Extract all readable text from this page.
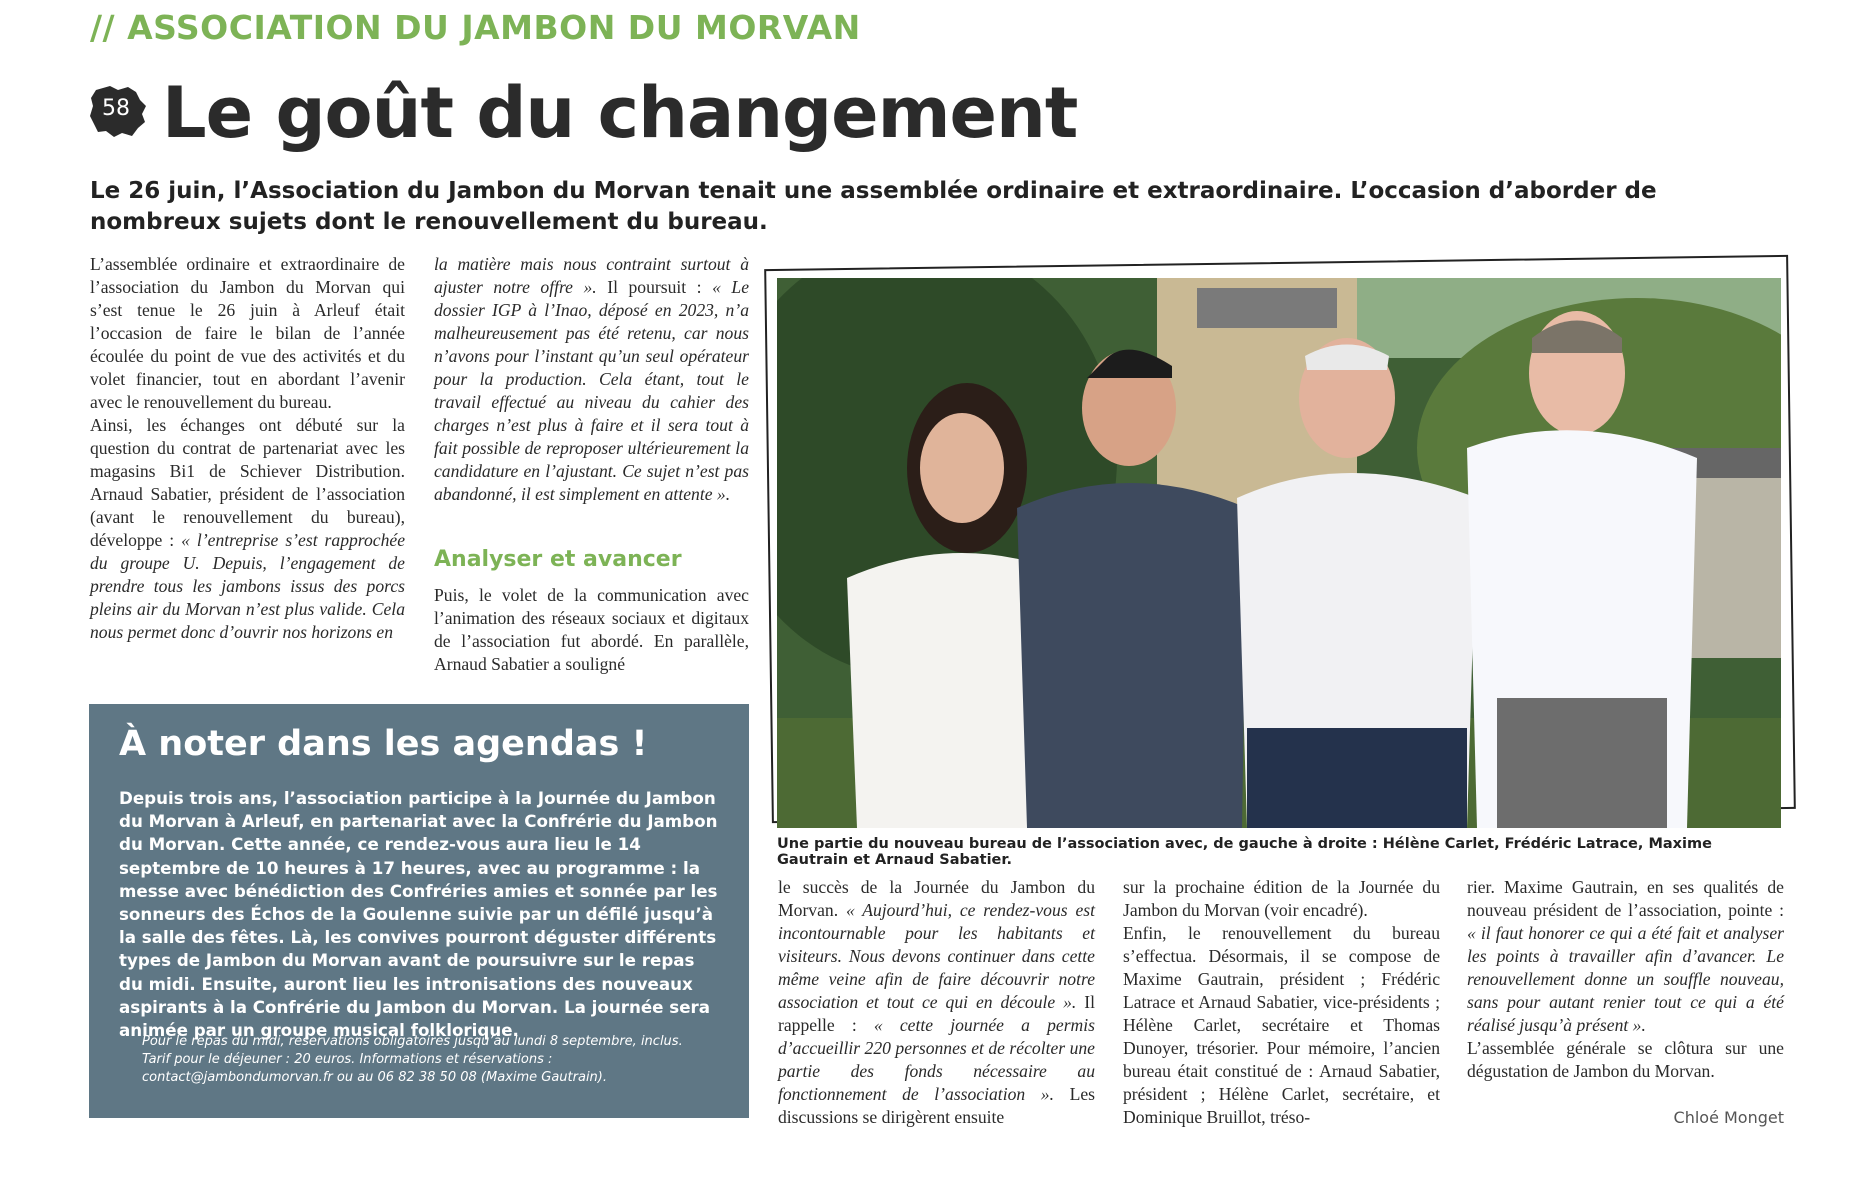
// ASSOCIATION DU JAMBON DU MORVAN
58 Le goût du changement
Le 26 juin, l’Association du Jambon du Morvan tenait une assemblée ordinaire et extraordinaire. L’occasion d’aborder de nombreux sujets dont le renouvellement du bureau.

L’assemblée ordinaire et extraordinaire de l’association du Jambon du Morvan qui s’est tenue le 26 juin à Arleuf était l’occasion de faire le bilan de l’année écoulée du point de vue des activités et du volet financier, tout en abordant l’avenir avec le renouvellement du bureau.

Ainsi, les échanges ont débuté sur la question du contrat de partenariat avec les magasins Bi1 de Schiever Distribution. Arnaud Sabatier, président de l’association (avant le renouvellement du bureau), développe : « l’entreprise s’est rapprochée du groupe U. Depuis, l’engagement de prendre tous les jambons issus des porcs pleins air du Morvan n’est plus valide. Cela nous permet donc d’ouvrir nos horizons en

la matière mais nous contraint surtout à ajuster notre offre ». Il poursuit : « Le dossier IGP à l’Inao, déposé en 2023, n’a malheureusement pas été retenu, car nous n’avons pour l’instant qu’un seul opérateur pour la production. Cela étant, tout le travail effectué au niveau du cahier des charges n’est plus à faire et il sera tout à fait possible de reproposer ultérieurement la candidature en l’ajustant. Ce sujet n’est pas abandonné, il est simplement en attente ».

Puis, le volet de la communication avec l’animation des réseaux sociaux et digitaux de l’association fut abordé. En parallèle, Arnaud Sabatier a souligné

Analyser et avancer
À noter dans les agendas !
Depuis trois ans, l’association participe à la Journée du Jambon du Morvan à Arleuf, en partenariat avec la Confrérie du Jambon du Morvan. Cette année, ce rendez-vous aura lieu le 14 septembre de 10 heures à 17 heures, avec au programme : la messe avec bénédiction des Confréries amies et sonnée par les sonneurs des Échos de la Goulenne suivie par un défilé jusqu’à la salle des fêtes. Là, les convives pourront déguster différents types de Jambon du Morvan avant de poursuivre sur le repas du midi. Ensuite, auront lieu les intronisations des nouveaux aspirants à la Confrérie du Jambon du Morvan. La journée sera animée par un groupe musical folklorique.
Pour le repas du midi, réservations obligatoires jusqu’au lundi 8 septembre, inclus. Tarif pour le déjeuner : 20 euros. Informations et réservations : contact@jambondumorvan.fr ou au 06 82 38 50 08 (Maxime Gautrain).
Une partie du nouveau bureau de l’association avec, de gauche à droite : Hélène Carlet, Frédéric Latrace, Maxime Gautrain et Arnaud Sabatier.

le succès de la Journée du Jambon du Morvan. « Aujourd’hui, ce rendez-vous est incontournable pour les habitants et visiteurs. Nous devons continuer dans cette même veine afin de faire découvrir notre association et tout ce qui en découle ». Il rappelle : « cette journée a permis d’accueillir 220 personnes et de récolter une partie des fonds nécessaire au fonctionnement de l’association ». Les discussions se dirigèrent ensuite

sur la prochaine édition de la Journée du Jambon du Morvan (voir encadré).

Enfin, le renouvellement du bureau s’effectua. Désormais, il se compose de Maxime Gautrain, président ; Frédéric Latrace et Arnaud Sabatier, vice-présidents ; Hélène Carlet, secrétaire et Thomas Dunoyer, trésorier. Pour mémoire, l’ancien bureau était constitué de : Arnaud Sabatier, président ; Hélène Carlet, secrétaire, et Dominique Bruillot, tréso-

rier. Maxime Gautrain, en ses qualités de nouveau président de l’association, pointe : « il faut honorer ce qui a été fait et analyser les points à travailler afin d’avancer. Le renouvellement donne un souffle nouveau, sans pour autant renier tout ce qui a été réalisé jusqu’à présent ».

L’assemblée générale se clôtura sur une dégustation de Jambon du Morvan.

Chloé Monget
